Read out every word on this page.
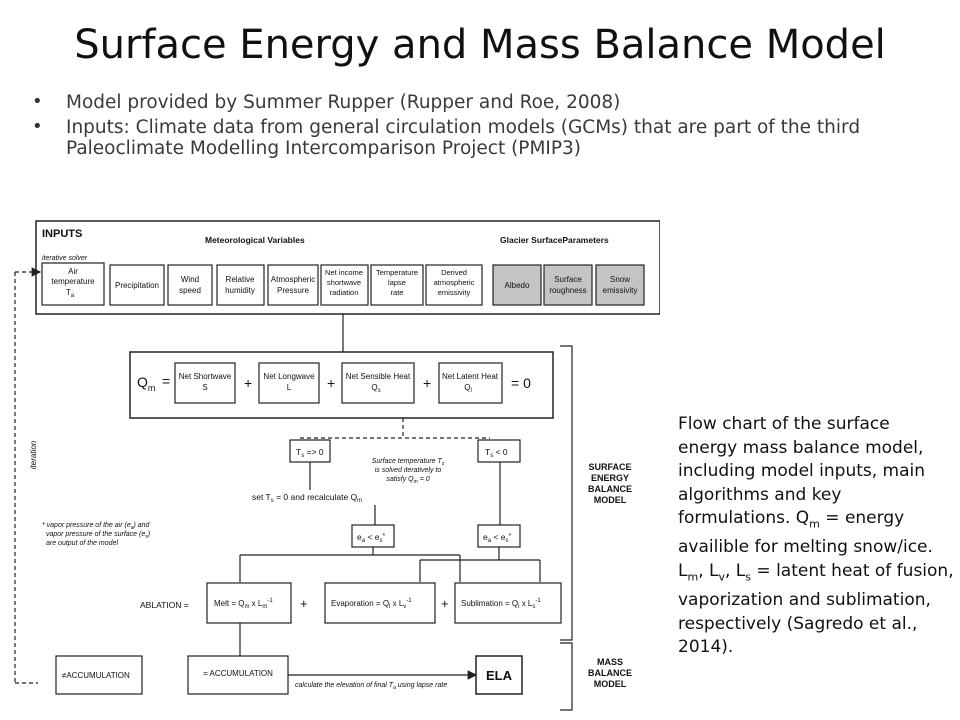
Surface Energy and Mass Balance Model
• Model provided by Summer Rupper (Rupper and Roe, 2008)
• Inputs: Climate data from general circulation models (GCMs) that are part of the third Paleoclimate Modelling Intercomparison Project (PMIP3)
INPUTS
iterative solver
Meteorological Variables	Glacier SurfaceParameters
Air
temperature
$T_a$
Precipitation
Wind
speed
Relative
humidity
Atmospheric
Pressure
Net income
shortwave
radiation
Temperature
lapse
rate
Derived
atmospheric
emissivity
Albedo
Surface
roughness
Snow
emissivity
$Q_m$ = Net Shortwave
S	+ Net Longwave
L	+ Net Sensible Heat
$Q_s$	+ Net Latent Heat
$Q_l$	= 0
$T_s => 0$	$T_s < 0$
Surface temperature $T_s$
is solved iteratively to
satisfy $Q_m = 0$
set $T_s = 0$ and recalculate $Q_m$
$e_a < e_s^*$	$e_a < e_s^*$
* vapor pressure of the air $(e_a)$ and
vapor pressure of the surface $(e_s)$
are output of the model
iteration
ABLATION =	Melt = $Q_m$ x $L_m^{-1}$ +	Evaporation = $Q_l$ x $L_v^{-1}$ + Sublimation = $Q_l$ x $L_s^{-1}$
≠ACCUMULATION	= ACCUMULATION	ELA
calculate the elevation of final $T_a$ using lapse rate
SURFACE
ENERGY
BALANCE
MODEL
MASS
BALANCE
MODEL
Flow chart of the surface energy mass balance model, including model inputs, main algorithms and key formulations. $Q_m$ = energy availible for melting snow/ice. $L_m$, $L_v$, $L_s$ = latent heat of fusion, vaporization and sublimation, respectively (Sagredo et al., 2014).
